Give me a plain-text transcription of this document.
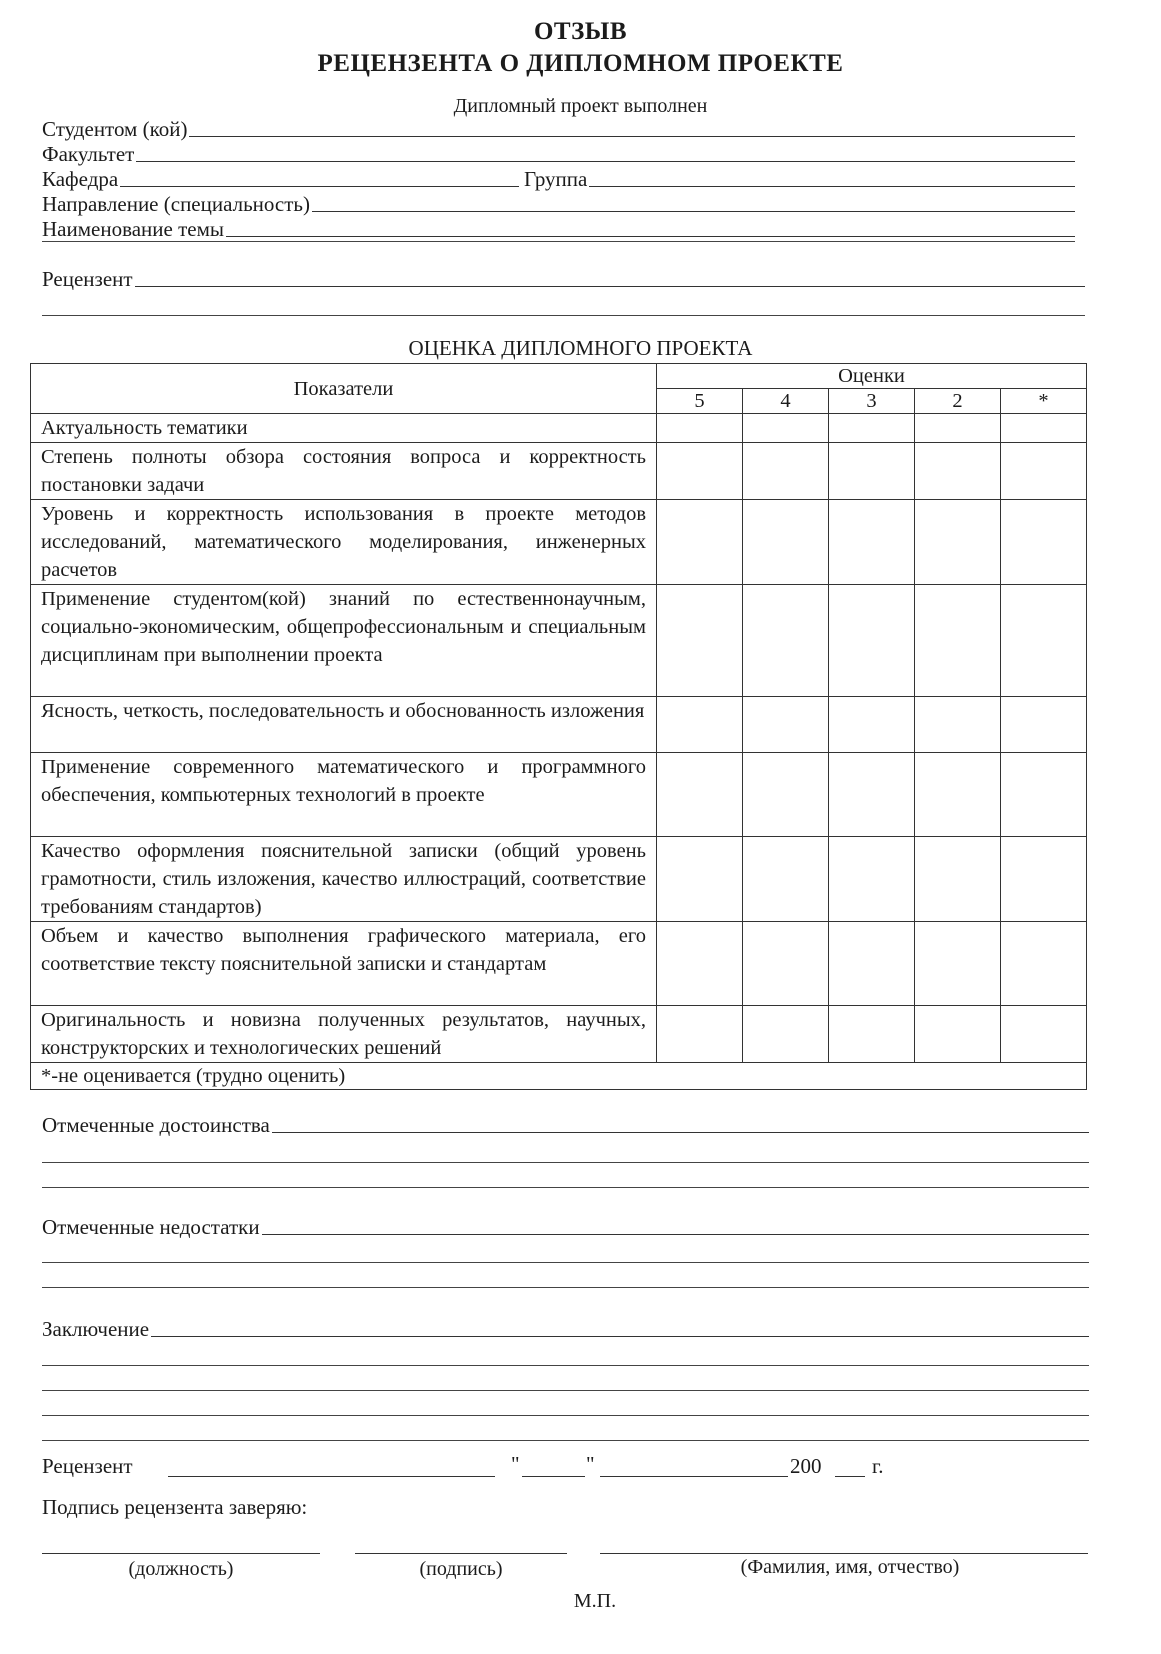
ОТЗЫВ
РЕЦЕНЗЕНТА О ДИПЛОМНОМ ПРОЕКТЕ
Дипломный проект выполнен
Студентом (кой)
Факультет
Кафедра	Группа
Направление (специальность)
Наименование темы
Рецензент
ОЦЕНКА ДИПЛОМНОГО ПРОЕКТА
Показатели	Оценки				
	5	4	3	2	*
Актуальность тематики					
Степень полноты обзора состояния вопроса и корректность постановки задачи					
Уровень и корректность использования в проекте методов исследований, математического моделирования, инженерных расчетов					
Применение студентом(кой) знаний по естественнонаучным, социально-экономическим, общепрофессиональным и специальным дисциплинам при выполнении проекта					
Ясность, четкость, последовательность и обоснованность изложения					
Применение современного математического и программного обеспечения, компьютерных технологий в проекте					
Качество оформления пояснительной записки (общий уровень грамотности, стиль изложения, качество иллюстраций, соответствие требованиям стандартов)					
Объем и качество выполнения графического материала, его соответствие тексту пояснительной записки и стандартам					
Оригинальность и новизна полученных результатов, научных, конструкторских и технологических решений					
*-не оценивается (трудно оценить)					
Отмеченные достоинства
Отмеченные недостатки
Заключение
Рецензент	"	"	200 г.
Подпись рецензента заверяю:
(должность)	(подпись)	(Фамилия, имя, отчество)
М.П.
